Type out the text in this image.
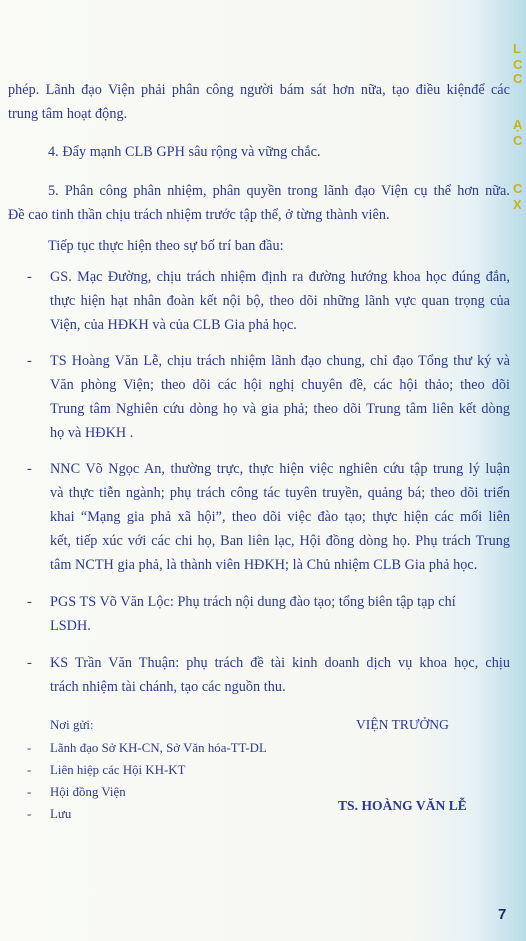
L
C
C
Ạ
C
C
X
phép. Lãnh đạo Viện phải phân công người bám sát hơn nữa, tạo điều kiệnđể các
trung tâm hoạt động.
4. Đẩy mạnh CLB GPH sâu rộng và vững chắc.
5. Phân công phân nhiệm, phân quyền trong lãnh đạo Viện cụ thể hơn nữa.
Đề cao tinh thần chịu trách nhiệm trước tập thể, ở từng thành viên.
Tiếp tục thực hiện theo sự bố trí ban đầu:
- GS. Mạc Đường, chịu trách nhiệm định ra đường hướng khoa học đúng đắn,
thực hiện hạt nhân đoàn kết nội bộ, theo dõi những lãnh vực quan trọng của
Viện, của HĐKH và của CLB Gia phả học.
- TS Hoàng Văn Lễ, chịu trách nhiệm lãnh đạo chung, chỉ đạo Tổng thư ký và
Văn phòng Viện; theo dõi các hội nghị chuyên đề, các hội thảo; theo dõi
Trung tâm Nghiên cứu dòng họ và gia phả; theo dõi Trung tâm liên kết dòng
họ và HĐKH .
- NNC Võ Ngọc An, thường trực, thực hiện việc nghiên cứu tập trung lý luận
và thực tiễn ngành; phụ trách công tác tuyên truyền, quảng bá; theo dõi triển
khai “Mạng gia phả xã hội”, theo dõi việc đào tạo; thực hiện các mối liên
kết, tiếp xúc với các chi họ, Ban liên lạc, Hội đồng dòng họ. Phụ trách Trung
tâm NCTH gia phả, là thành viên HĐKH; là Chủ nhiệm CLB Gia phả học.
- PGS TS Võ Văn Lộc: Phụ trách nội dung đào tạo; tổng biên tập tạp chí
LSDH.
- KS Trần Văn Thuận: phụ trách đề tài kinh doanh dịch vụ khoa học, chịu
trách nhiệm tài chánh, tạo các nguồn thu.
Nơi gửi:
- Lãnh đạo Sở KH-CN, Sở Văn hóa-TT-DL
- Liên hiệp các Hội KH-KT
- Hội đồng Viện
- Lưu
VIỆN TRƯỞNG
TS. HOÀNG VĂN LỄ
7
